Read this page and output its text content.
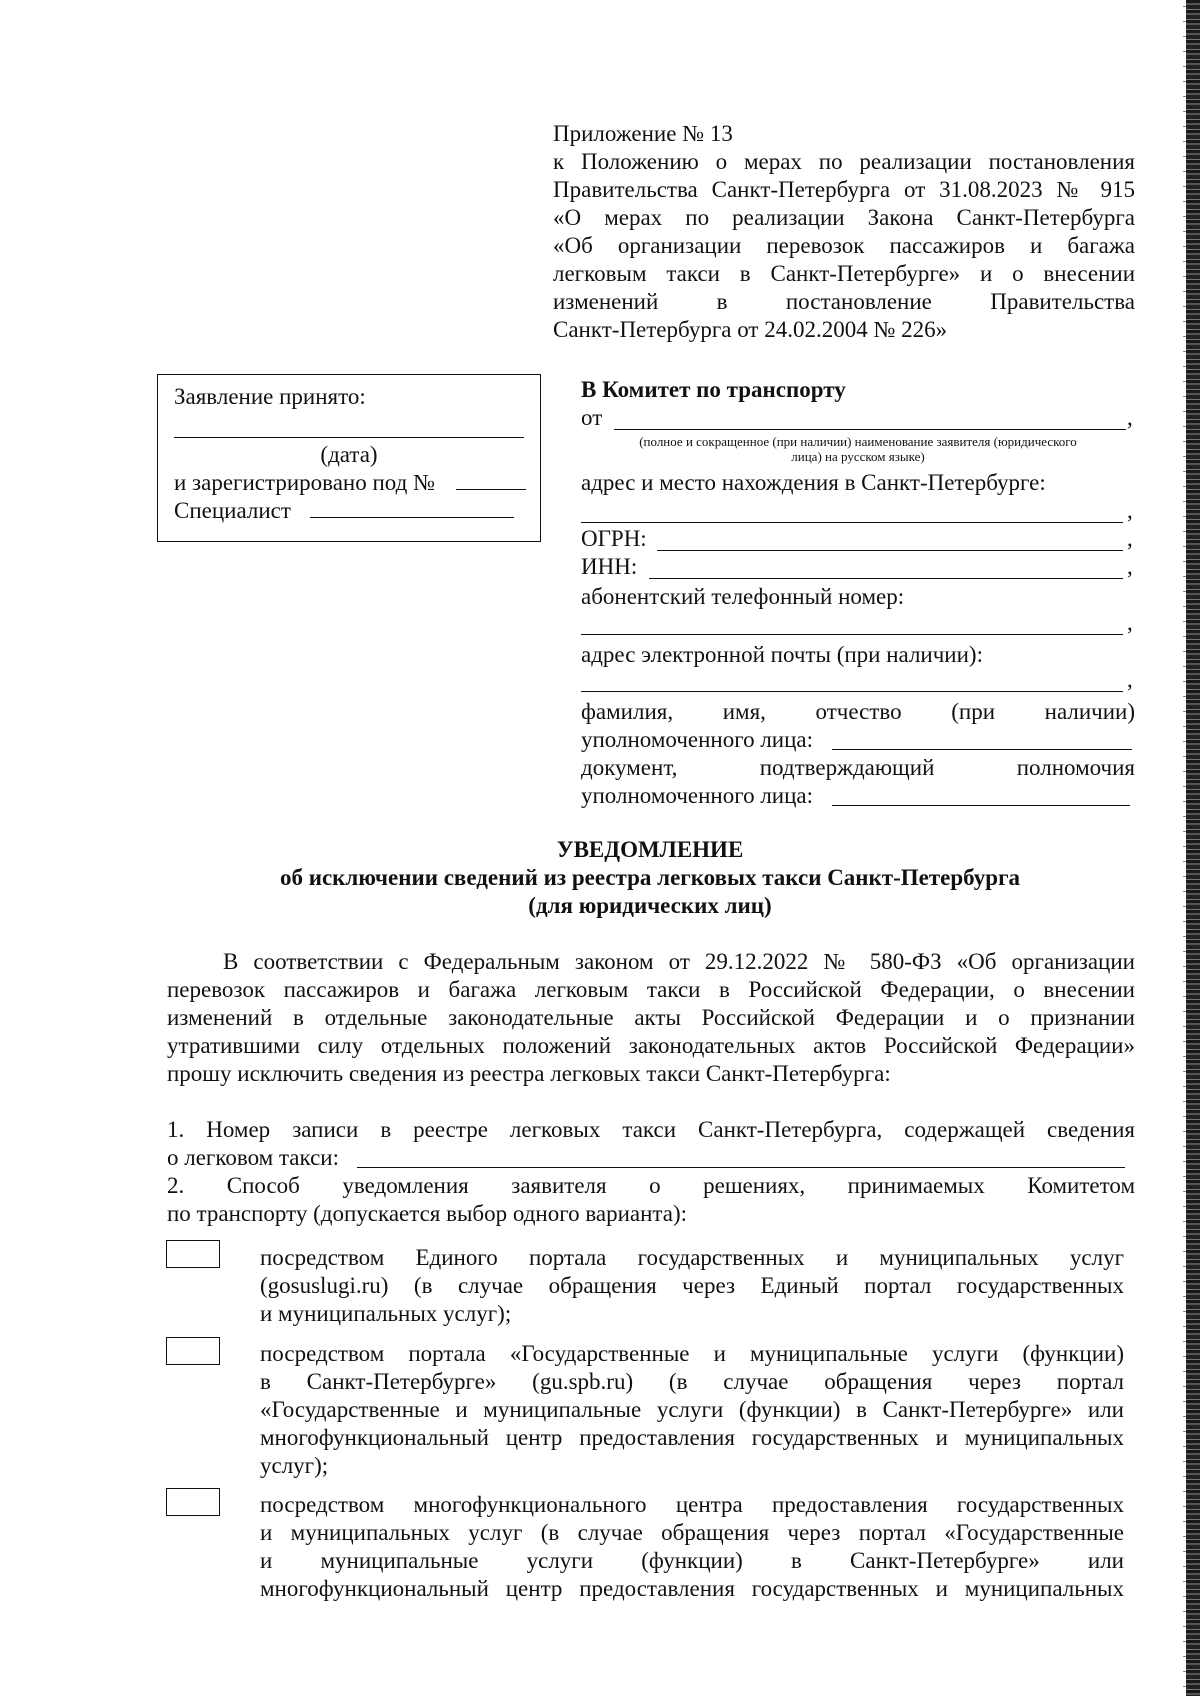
Приложение № 13
к Положению о мерах по реализации постановления
Правительства Санкт-Петербурга от 31.08.2023 № 915
«О мерах по реализации Закона Санкт-Петербурга
«Об организации перевозок пассажиров и багажа
легковым такси в Санкт-Петербурге» и о внесении
изменений в постановление Правительства
Санкт-Петербурга от 24.02.2004 № 226»
Заявление принято:
(дата)
и зарегистрировано под №
Специалист
В Комитет по транспорту
от	,
(полное и сокращенное (при наличии) наименование заявителя (юридического
лица) на русском языке)
адрес и место нахождения в Санкт-Петербурге:
,
ОГРН:	,
ИНН:	,
абонентский телефонный номер:
,
адрес электронной почты (при наличии):
,
фамилия, имя, отчество (при наличии)
уполномоченного лица:
документ, подтверждающий полномочия
уполномоченного лица:
УВЕДОМЛЕНИЕ
об исключении сведений из реестра легковых такси Санкт-Петербурга
(для юридических лиц)
В соответствии с Федеральным законом от 29.12.2022 № 580-ФЗ «Об организации
перевозок пассажиров и багажа легковым такси в Российской Федерации, о внесении
изменений в отдельные законодательные акты Российской Федерации и о признании
утратившими силу отдельных положений законодательных актов Российской Федерации»
прошу исключить сведения из реестра легковых такси Санкт-Петербурга:
1. Номер записи в реестре легковых такси Санкт-Петербурга, содержащей сведения
о легковом такси:
2. Способ уведомления заявителя о решениях, принимаемых Комитетом
по транспорту (допускается выбор одного варианта):
посредством Единого портала государственных и муниципальных услуг
(gosuslugi.ru) (в случае обращения через Единый портал государственных
и муниципальных услуг);
посредством портала «Государственные и муниципальные услуги (функции)
в Санкт-Петербурге» (gu.spb.ru) (в случае обращения через портал
«Государственные и муниципальные услуги (функции) в Санкт-Петербурге» или
многофункциональный центр предоставления государственных и муниципальных
услуг);
посредством многофункционального центра предоставления государственных
и муниципальных услуг (в случае обращения через портал «Государственные
и муниципальные услуги (функции) в Санкт-Петербурге» или
многофункциональный центр предоставления государственных и муниципальных
